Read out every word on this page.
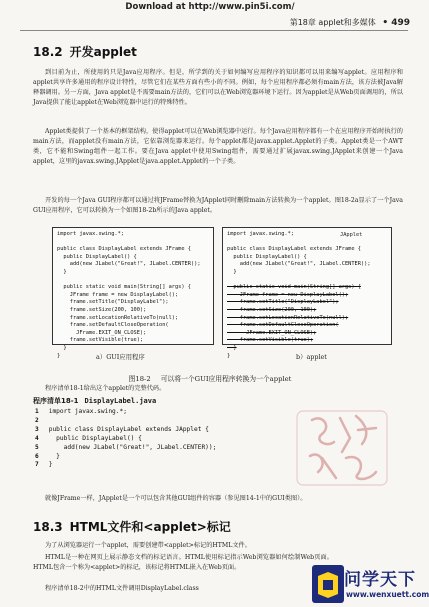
Download at http://www.pin5i.com/
第18章 applet和多媒体 • 499
18.2 开发applet
到目前为止，所使用的只是Java应用程序。但是，所学到的关于如何编写应用程序的知识都可以用来编写applet。应用程序和applet共享许多通用的程序设计特性，尽管它们在某些方面有些小的不同。例如，每个应用程序都必须有main方法，该方法被Java解释器调用。另一方面，Java applet是不需要main方法的，它们可以在Web浏览器环境下运行。因为applet是从Web页面调用的，所以Java提供了能让applet在Web浏览器中运行的特殊特性。
Applet类提供了一个基本的框架结构，使得applet可以在Web浏览器中运行。每个Java应用程序都有一个在应用程序开始时执行的main方法，而applet没有main方法，它依靠浏览器来运行。每个applet都是javax.applet.Applet的子类。Applet类是一个AWT类，它不能和Swing组件一起工作。要在Java applet中使用Swing组件，需要通过扩展javax.swing.JApplet来创建一个Java applet，这里的javax.swing.JApplet是java.applet.Applet的一个子类。
开发的每一个Java GUI程序都可以通过将JFrame替换为JApplet同时删除main方法转换为一个applet。图18-2a显示了一个Java GUI应用程序，它可以转换为一个如图18-2b所示的Java applet。
import javax.swing.*;

public class DisplayLabel extends JFrame {
public DisplayLabel() {
add(new JLabel("Great!", JLabel.CENTER));
}

public static void main(String[] args) {
JFrame frame = new DisplayLabel();
frame.setTitle("DisplayLabel");
frame.setSize(200, 100);
frame.setLocationRelativeTo(null);
frame.setDefaultCloseOperation(
JFrame.EXIT_ON_CLOSE);
frame.setVisible(true);
}
}
import javax.swing.*;

public class DisplayLabel extends JFrame {
public DisplayLabel() {
add(new JLabel("Great!", JLabel.CENTER));
}

public static void main(String[] args) {
JFrame frame = new DisplayLabel();
frame.setTitle("DisplayLabel");
frame.setSize(200, 100);
frame.setLocationRelativeTo(null);
frame.setDefaultCloseOperation(
JFrame.EXIT_ON_CLOSE);
frame.setVisible(true);
}
}
JApplet
a）GUI应用程序	b）applet
图18-2 可以将一个GUI应用程序转换为一个applet
程序清单18-1给出这个applet的完整代码。
程序清单18-1 DisplayLabel.java
1 import javax.swing.*;
2
3 public class DisplayLabel extends JApplet {
4   public DisplayLabel() {
5     add(new JLabel("Great!", JLabel.CENTER));
6   }
7 }
就像JFrame一样，JApplet是一个可以包含其他GUI组件的容器（参见图14-1中的GUI类图）。
18.3 HTML文件和<applet>标记
为了从浏览器运行一个applet，需要创建带<applet>标记的HTML文件。
HTML是一种在网页上展示静态文档的标记语言。HTML使用标记指示Web浏览器如何绘制Web页面。HTML包含一个称为<applet>的标记，该标记将HTML嵌入在Web页面。
程序清单18-2中的HTML文件调用DisplayLabel.class	问学天下
www.wenxuett.com
